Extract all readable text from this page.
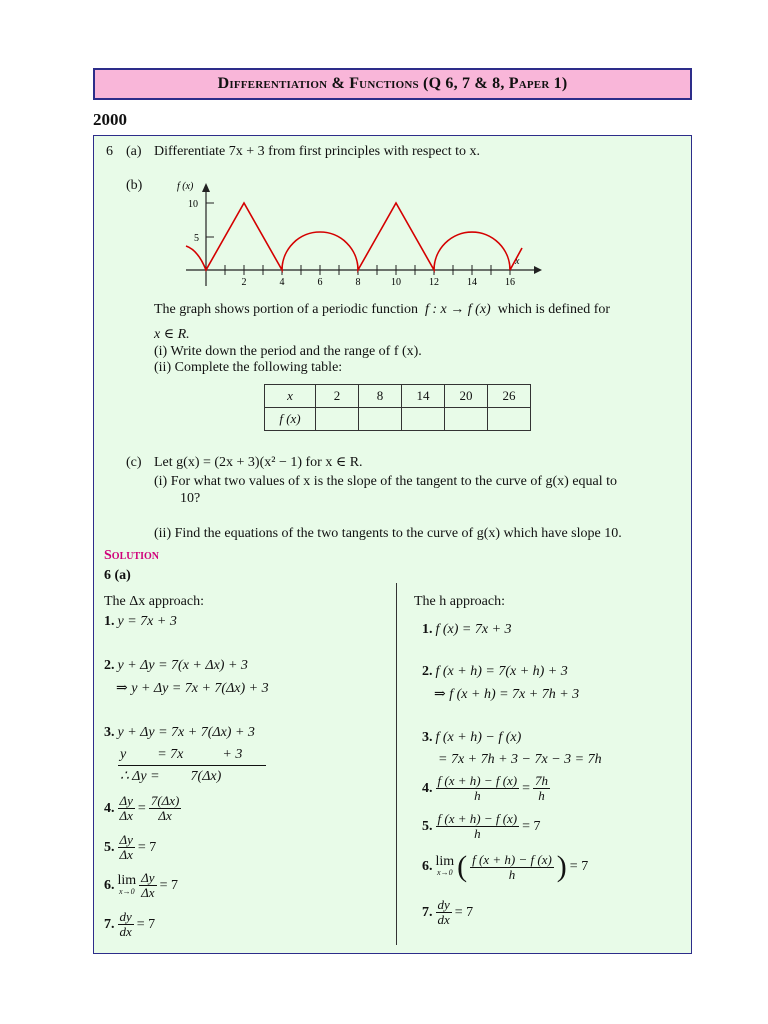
Differentiation & Functions (Q 6, 7 & 8, Paper 1)
2000
6 (a) Differentiate 7x + 3 from first principles with respect to x.
(b)
10
5
f (x)
x
2	4	6	8	10	12	14	16
The graph shows portion of a periodic function f : x → f (x) which is defined for
x ∈ R.
(i) Write down the period and the range of f (x).
(ii) Complete the following table:
x	2	8	14	20	26
f (x)					
(c) Let g(x) = (2x + 3)(x² − 1) for x ∈ R.
(i) For what two values of x is the slope of the tangent to the curve of g(x) equal to
10?
(ii) Find the equations of the two tangents to the curve of g(x) which have slope 10.
Solution
6 (a)
The Δx approach:
1. y = 7x + 3
2. y + Δy = 7(x + Δx) + 3
⇒ y + Δy = 7x + 7(Δx) + 3
3. y + Δy = 7x + 7(Δx) + 3
y = 7x	+ 3
∴ Δy = 7(Δx)
4. $\frac{\Delta y}{\Delta x} = \frac{7(\Delta x)}{\Delta x}$
5. $\frac{\Delta y}{\Delta x} = 7$
6. lim
$x\to 0 \frac{\Delta y}{\Delta x} = 7$
7. $\frac{dy}{dx} = 7$
The h approach:
1. f (x) = 7x + 3
2. f (x + h) = 7(x + h) + 3
⇒ f (x + h) = 7x + 7h + 3
3. f (x + h) − f (x)
= 7x + 7h + 3 − 7x − 3 = 7h
4. $\frac{f (x + h) - f (x)}{h} = \frac{7h}{h}$
5. $\frac{f (x + h) - f (x)}{h} = 7$
6. lim
x→0 ( $\frac{f (x + h) - f (x)}{h}$ ) = 7
7. $\frac{dy}{dx} = 7$
